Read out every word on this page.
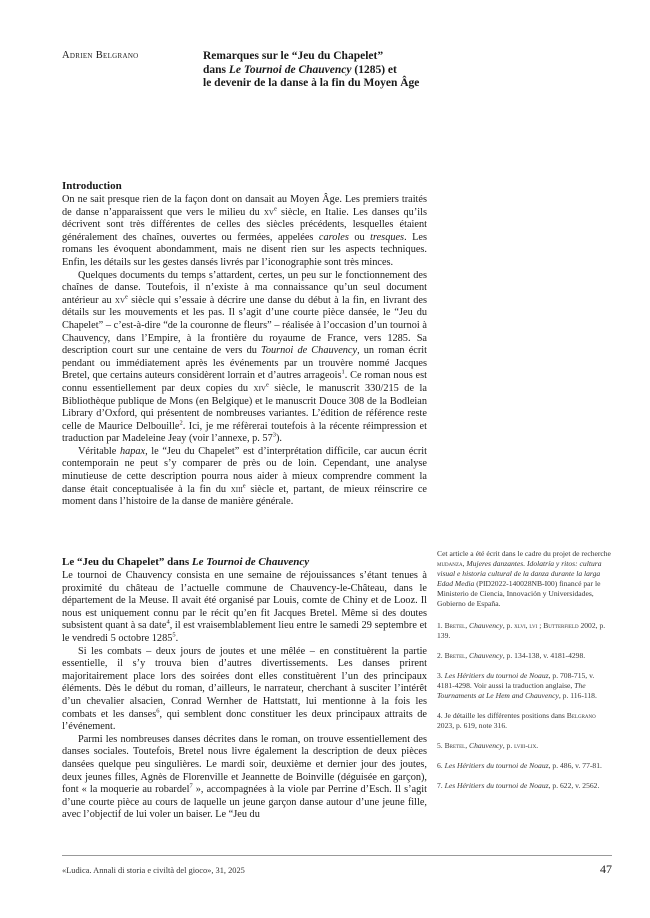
Adrien Belgrano	Remarques sur le “Jeu du Chapelet”
dans Le Tournoi de Chauvency (1285) et
le devenir de la danse à la fin du Moyen Âge
Introduction

On ne sait presque rien de la façon dont on dansait au Moyen Âge. Les premiers traités de danse n’apparaissent que vers le milieu du $xv^e$ siècle, en Italie. Les danses qu’ils décrivent sont très différentes de celles des siècles précédents, lesquelles étaient généralement des chaînes, ouvertes ou fermées, appelées caroles ou tresques. Les romans les évoquent abondamment, mais ne disent rien sur les aspects techniques. Enfin, les détails sur les gestes dansés livrés par l’iconographie sont très minces.

Quelques documents du temps s’attardent, certes, un peu sur le fonctionnement des chaînes de danse. Toutefois, il n’existe à ma connaissance qu’un seul document antérieur au $xv^e$ siècle qui s’essaie à décrire une danse du début à la fin, en livrant des détails sur les mouvements et les pas. Il s’agit d’une courte pièce dansée, le “Jeu du Chapelet” – c’est-à-dire “de la couronne de fleurs” – réalisée à l’occasion d’un tournoi à Chauvency, dans l’Empire, à la frontière du royaume de France, vers 1285. Sa description court sur une centaine de vers du Tournoi de Chauvency, un roman écrit pendant ou immédiatement après les événements par un trouvère nommé Jacques Bretel, que certains auteurs considèrent lorrain et d’autres arrageois$^1$. Ce roman nous est connu essentiellement par deux copies du xiv$^e$ siècle, le manuscrit 330/215 de la Bibliothèque publique de Mons (en Belgique) et le manuscrit Douce 308 de la Bodleian Library d’Oxford, qui présentent de nombreuses variantes. L’édition de référence reste celle de Maurice Delbouille$^2$. Ici, je me réfèrerai toutefois à la récente réimpression et traduction par Madeleine Jeay (voir l’annexe, p. $57^3$).

Véritable hapax, le “Jeu du Chapelet” est d’interprétation difficile, car aucun écrit contemporain ne peut s’y comparer de près ou de loin. Cependant, une analyse minutieuse de cette description pourra nous aider à mieux comprendre comment la danse était conceptualisée à la fin du xiii$^e$ siècle et, partant, de mieux réinscrire ce moment dans l’histoire de la danse de manière générale.

Le “Jeu du Chapelet” dans Le Tournoi de Chauvency

Le tournoi de Chauvency consista en une semaine de réjouissances s’étant tenues à proximité du château de l’actuelle commune de Chauvency-le-Château, dans le département de la Meuse. Il avait été organisé par Louis, comte de Chiny et de Looz. Il nous est uniquement connu par le récit qu’en fit Jacques Bretel. Même si des doutes subsistent quant à sa date$^4$, il est vraisemblablement lieu entre le samedi 29 septembre et le vendredi 5 octobre 1285$^5$.

Si les combats – deux jours de joutes et une mêlée – en constituèrent la partie essentielle, il s’y trouva bien d’autres divertissements. Les danses prirent majoritairement place lors des soirées dont elles constituèrent l’un des principaux éléments. Dès le début du roman, d’ailleurs, le narrateur, cherchant à susciter l’intérêt d’un chevalier alsacien, Conrad Wernher de Hattstatt, lui mentionne à la fois les combats et les danses$^6$, qui semblent donc constituer les deux principaux attraits de l’événement.

Parmi les nombreuses danses décrites dans le roman, on trouve essentiellement des danses sociales. Toutefois, Bretel nous livre également la description de deux pièces dansées quelque peu singulières. Le mardi soir, deuxième et dernier jour des joutes, deux jeunes filles, Agnès de Florenville et Jeannette de Boinville (déguisée en garçon), font « la moquerie au robardel$^7$ », accompagnées à la viole par Perrine d’Esch. Il s’agit d’une courte pièce au cours de laquelle un jeune garçon danse autour d’une jeune fille, avec l’objectif de lui voler un baiser. Le “Jeu du

Cet article a été écrit dans le cadre du projet de recherche mudanza, Mujeres danzantes. Idolatría y ritos: cultura visual e historia cultural de la danza durante la larga Edad Media (PID2022-140028NB-I00) financé par le Ministerio de Ciencia, Innovación y Universidades, Gobierno de España.
1. Bretel, Chauvency, p. xlvi, lvi ; Butterfield 2002, p. 139.
2. Bretel, Chauvency, p. 134-138, v. 4181-4298.
3. Les Héritiers du tournoi de Noauz, p. 708-715, v. 4181-4298. Voir aussi la traduction anglaise, The Tournaments at Le Hem and Chauvency, p. 116-118.
4. Je détaille les différentes positions dans Belgrano 2023, p. 619, note 316.
5. Bretel, Chauvency, p. lviii-lix.
6. Les Héritiers du tournoi de Noauz, p. 486, v. 77-81.
7. Les Héritiers du tournoi de Noauz, p. 622, v. 2562.
«Ludica. Annali di storia e civiltà del gioco», 31, 2025	47
